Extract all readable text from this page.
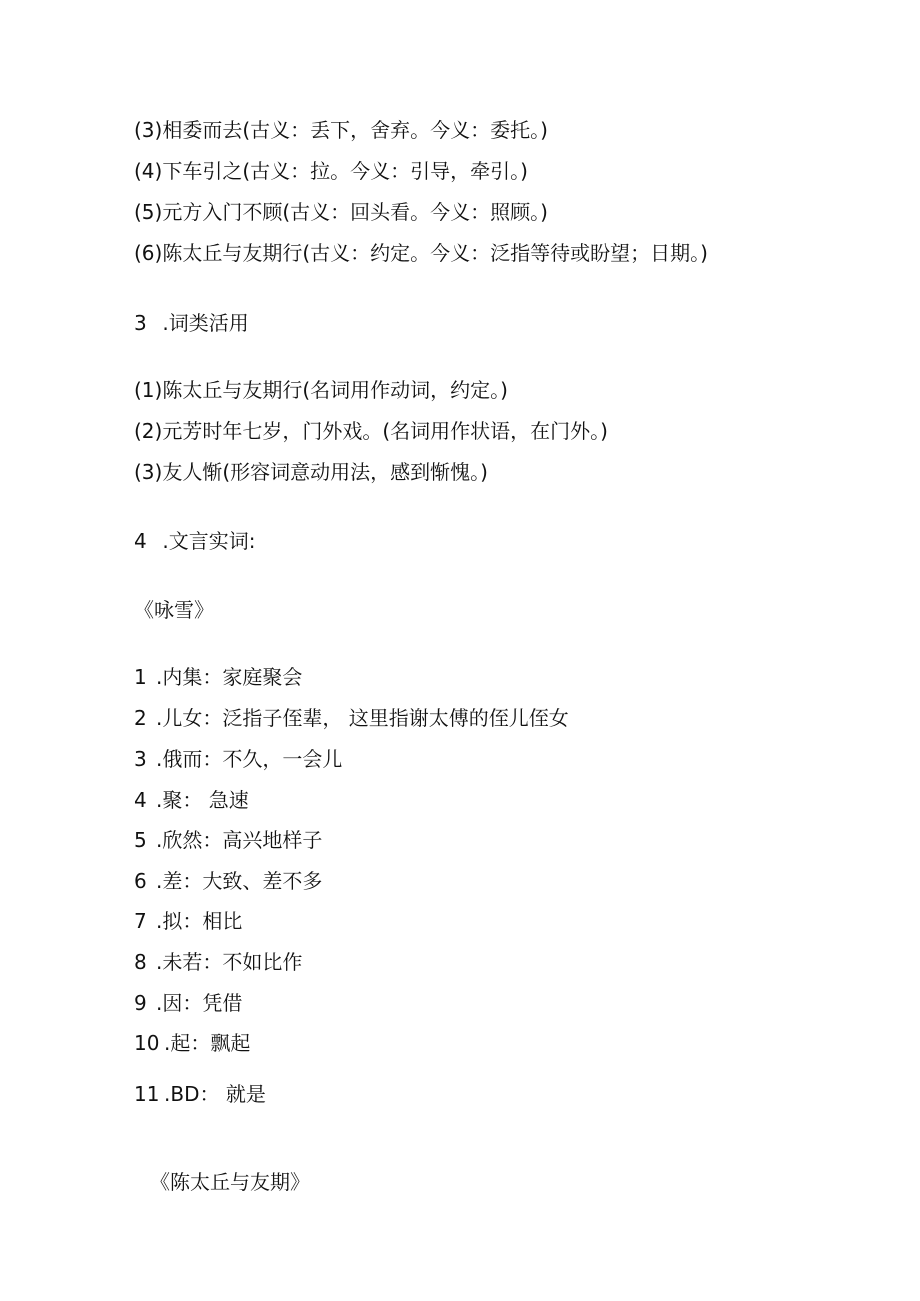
(3)相委而去(古义：丢下，舍弃。今义：委托。)
(4)下车引之(古义：拉。今义：引导，牵引。)
(5)元方入门不顾(古义：回头看。今义：照顾。)
(6)陈太丘与友期行(古义：约定。今义：泛指等待或盼望；日期。)
3 .词类活用
(1)陈太丘与友期行(名词用作动词，约定。)
(2)元芳时年七岁，门外戏。(名词用作状语，在门外。)
(3)友人惭(形容词意动用法，感到惭愧。)
4 .文言实词:
《咏雪》
1 .内集：家庭聚会
2 .儿女：泛指子侄辈， 这里指谢太傅的侄儿侄女
3 .俄而：不久，一会儿
4 .聚： 急速
5 .欣然：高兴地样子
6 .差：大致、差不多
7 .拟：相比
8 .未若：不如比作
9 .因：凭借
10 .起：飘起
11 .BD： 就是
《陈太丘与友期》
